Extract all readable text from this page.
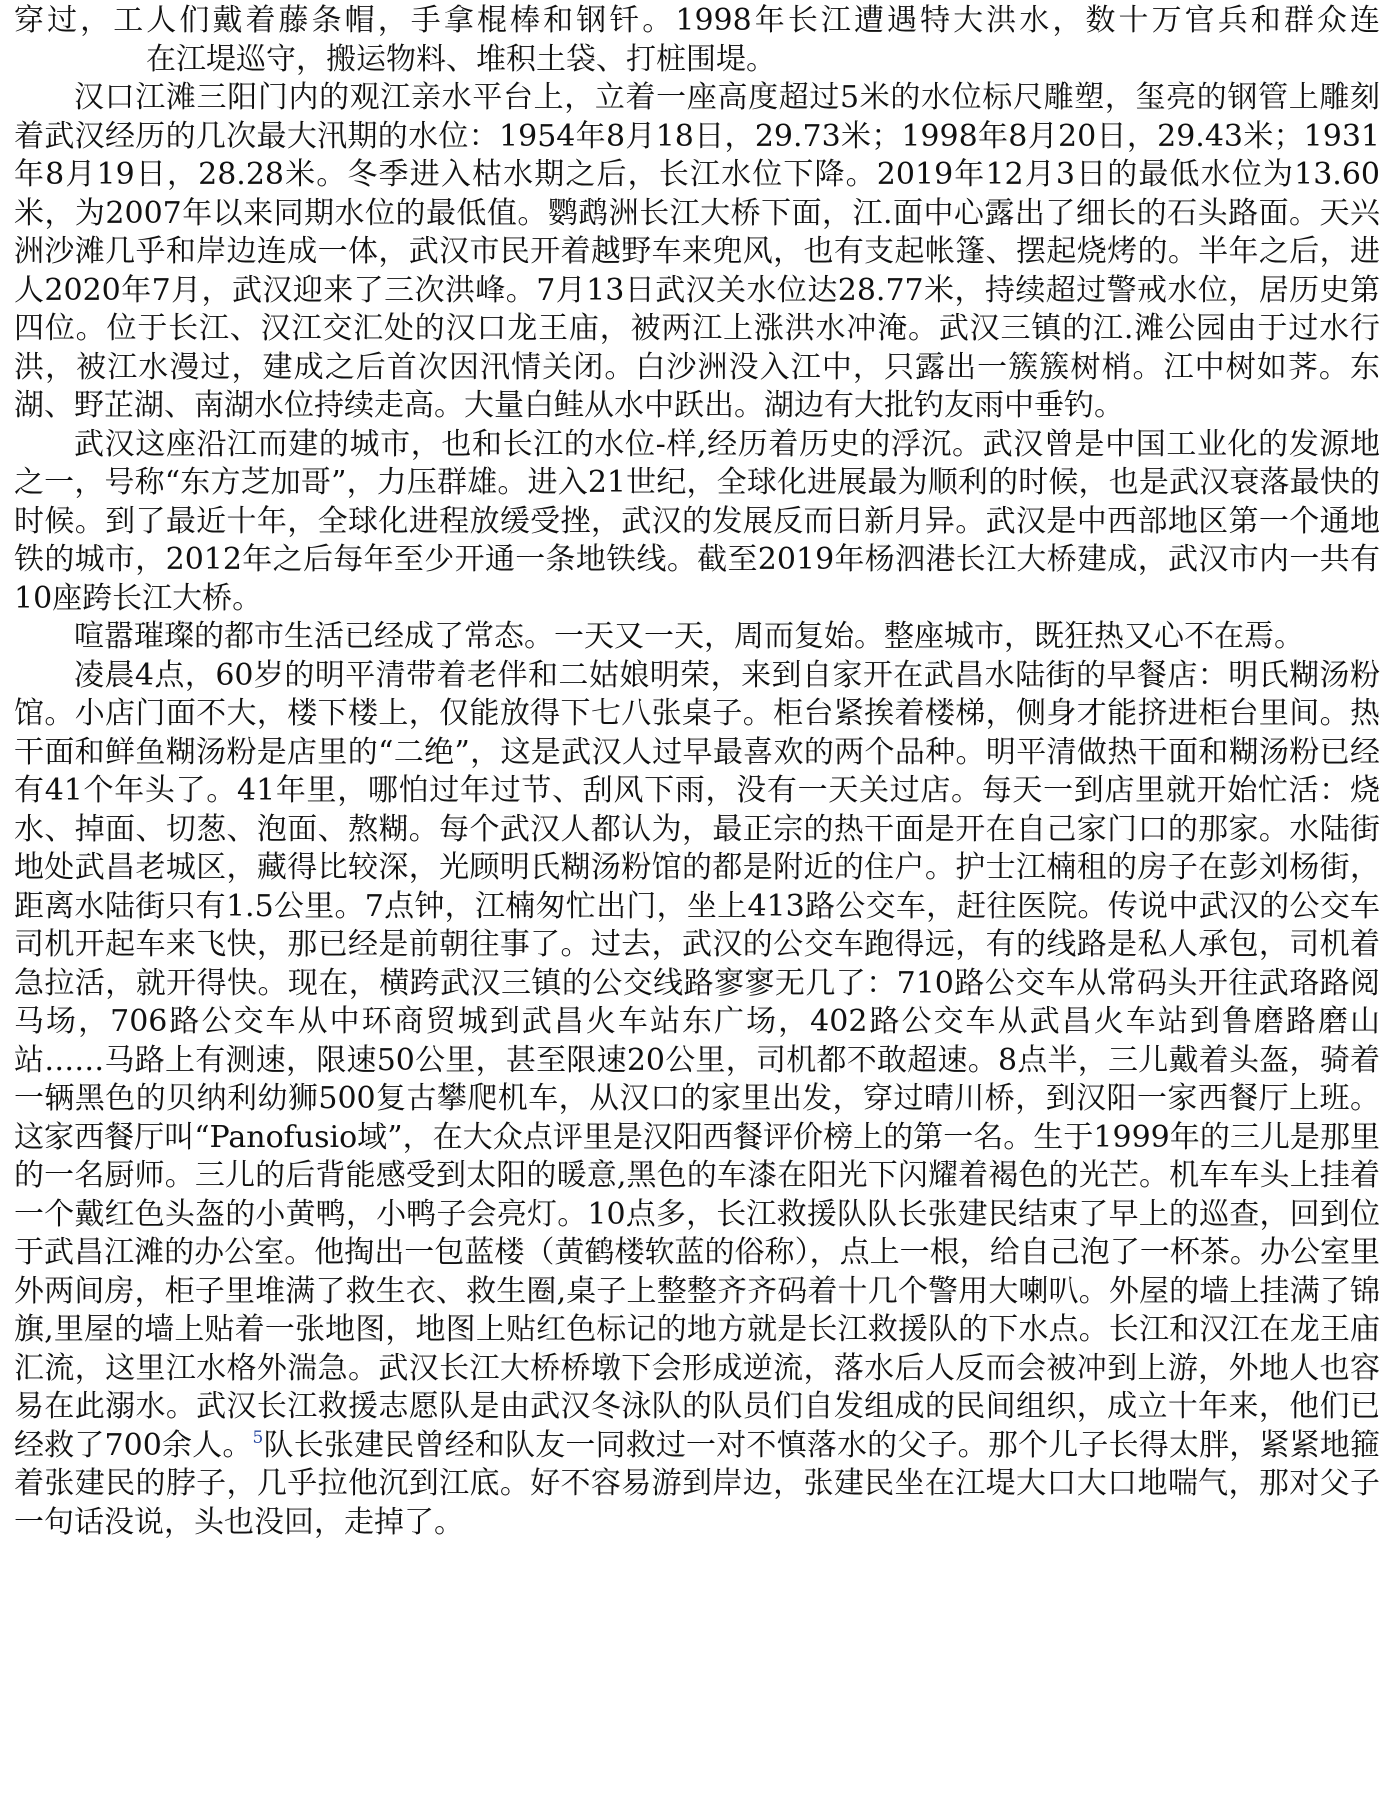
穿过，工人们戴着藤条帽，手拿棍棒和钢钎。1998年长江遭遇特大洪水，数十万官兵和群众连在江堤巡守，搬运物料、堆积土袋、打桩围堤。

汉口江滩三阳门内的观江亲水平台上，立着一座高度超过5米的水位标尺雕塑，玺亮的钢管上雕刻着武汉经历的几次最大汛期的水位：1954年8月18日，29.73米；1998年8月20日，29.43米；1931年8月19日，28.28米。冬季进入枯水期之后，长江水位下降。2019年12月3日的最低水位为13.60米，为2007年以来同期水位的最低值。鹦鹉洲长江大桥下面，江.面中心露出了细长的石头路面。天兴洲沙滩几乎和岸边连成一体，武汉市民开着越野车来兜风，也有支起帐篷、摆起烧烤的。半年之后，进人2020年7月，武汉迎来了三次洪峰。7月13日武汉关水位达28.77米，持续超过警戒水位，居历史第四位。位于长江、汉江交汇处的汉口龙王庙，被两江上涨洪水冲淹。武汉三镇的江.滩公园由于过水行洪，被江水漫过，建成之后首次因汛情关闭。白沙洲没入江中，只露出一簇簇树梢。江中树如荠。东湖、野芷湖、南湖水位持续走高。大量白鲑从水中跃出。湖边有大批钓友雨中垂钓。

武汉这座沿江而建的城市，也和长江的水位-样,经历着历史的浮沉。武汉曾是中国工业化的发源地之一，号称“东方芝加哥”，力压群雄。进入21世纪，全球化进展最为顺利的时候，也是武汉衰落最快的时候。到了最近十年，全球化进程放缓受挫，武汉的发展反而日新月异。武汉是中西部地区第一个通地铁的城市，2012年之后每年至少开通一条地铁线。截至2019年杨泗港长江大桥建成，武汉市内一共有10座跨长江大桥。

喧嚣璀璨的都市生活已经成了常态。一天又一天，周而复始。整座城市，既狂热又心不在焉。

凌晨4点，60岁的明平清带着老伴和二姑娘明荣，来到自家开在武昌水陆街的早餐店：明氏糊汤粉馆。小店门面不大，楼下楼上，仅能放得下七八张桌子。柜台紧挨着楼梯，侧身才能挤进柜台里间。热干面和鲜鱼糊汤粉是店里的“二绝”，这是武汉人过早最喜欢的两个品种。明平清做热干面和糊汤粉已经有41个年头了。41年里，哪怕过年过节、刮风下雨，没有一天关过店。每天一到店里就开始忙活：烧水、掉面、切葱、泡面、熬糊。每个武汉人都认为，最正宗的热干面是开在自己家门口的那家。水陆街地处武昌老城区，藏得比较深，光顾明氏糊汤粉馆的都是附近的住户。护士江楠租的房子在彭刘杨街，距离水陆街只有1.5公里。7点钟，江楠匆忙出门，坐上413路公交车，赶往医院。传说中武汉的公交车司机开起车来飞快，那已经是前朝往事了。过去，武汉的公交车跑得远，有的线路是私人承包，司机着急拉活，就开得快。现在，横跨武汉三镇的公交线路寥寥无几了：710路公交车从常码头开往武珞路阅马场，706路公交车从中环商贸城到武昌火车站东广场，402路公交车从武昌火车站到鲁磨路磨山站……马路上有测速，限速50公里，甚至限速20公里，司机都不敢超速。8点半，三儿戴着头盔，骑着一辆黑色的贝纳利幼狮500复古攀爬机车，从汉口的家里出发，穿过晴川桥，到汉阳一家西餐厅上班。这家西餐厅叫“Panofusio域”，在大众点评里是汉阳西餐评价榜上的第一名。生于1999年的三儿是那里的一名厨师。三儿的后背能感受到太阳的暖意,黑色的车漆在阳光下闪耀着褐色的光芒。机车车头上挂着一个戴红色头盔的小黄鸭，小鸭子会亮灯。10点多，长江救援队队长张建民结束了早上的巡查，回到位于武昌江滩的办公室。他掏出一包蓝楼（黄鹤楼软蓝的俗称），点上一根，给自己泡了一杯茶。办公室里外两间房，柜子里堆满了救生衣、救生圈,桌子上整整齐齐码着十几个警用大喇叭。外屋的墙上挂满了锦旗,里屋的墙上贴着一张地图，地图上贴红色标记的地方就是长江救援队的下水点。长江和汉江在龙王庙汇流，这里江水格外湍急。武汉长江大桥桥墩下会形成逆流，落水后人反而会被冲到上游，外地人也容易在此溺水。武汉长江救援志愿队是由武汉冬泳队的队员们自发组成的民间组织，成立十年来，他们已经救了700余人。$^5$队长张建民曾经和队友一同救过一对不慎落水的父子。那个儿子长得太胖，紧紧地箍着张建民的脖子，几乎拉他沉到江底。好不容易游到岸边，张建民坐在江堤大口大口地喘气，那对父子一句话没说，头也没回，走掉了。
